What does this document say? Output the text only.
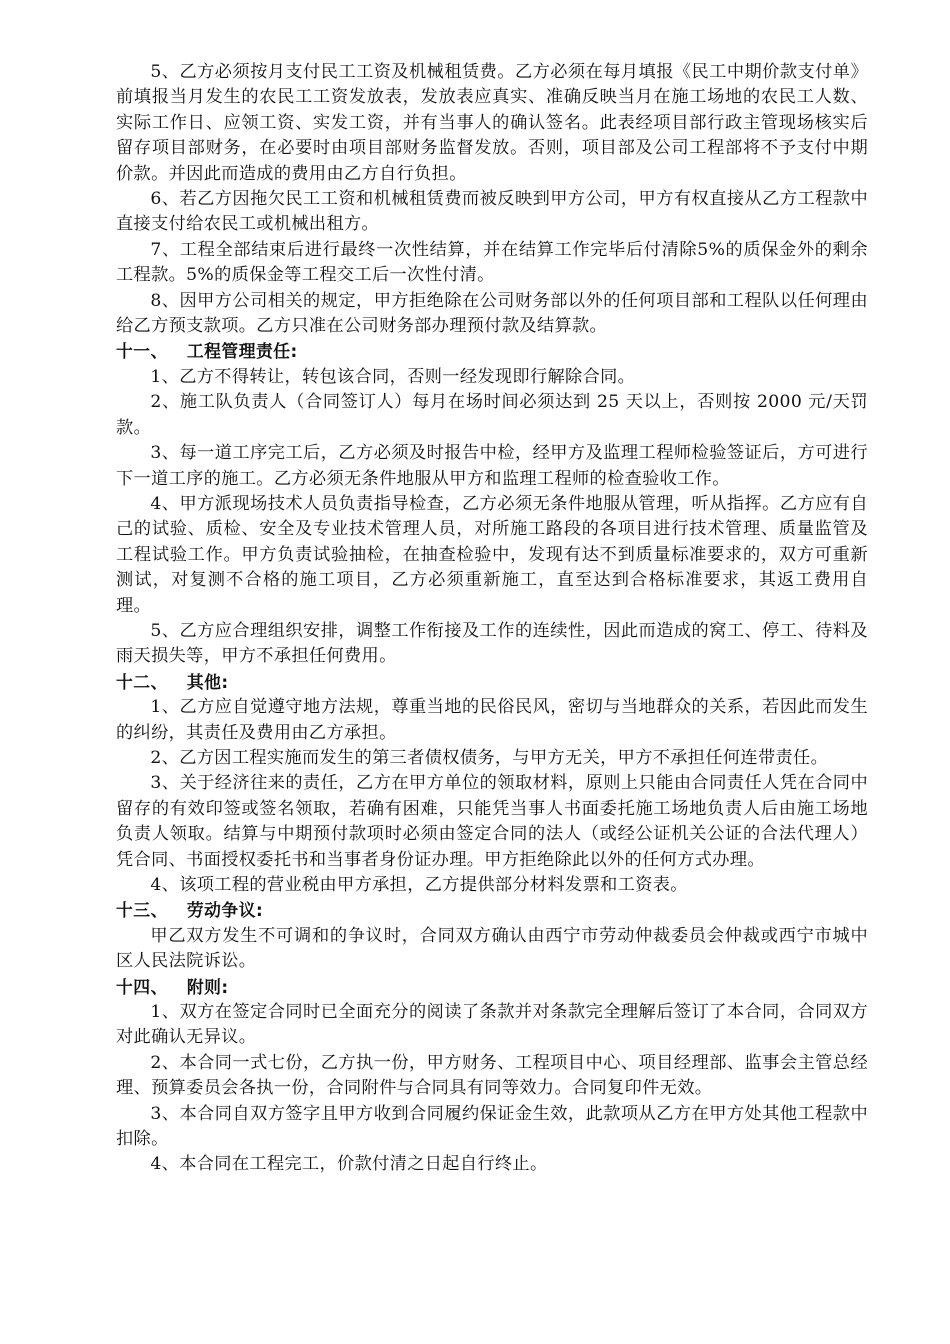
5、乙方必须按月支付民工工资及机械租赁费。乙方必须在每月填报《民工中期价款支付单》前填报当月发生的农民工工资发放表，发放表应真实、准确反映当月在施工场地的农民工人数、实际工作日、应领工资、实发工资，并有当事人的确认签名。此表经项目部行政主管现场核实后留存项目部财务，在必要时由项目部财务监督发放。否则，项目部及公司工程部将不予支付中期价款。并因此而造成的费用由乙方自行负担。

6、若乙方因拖欠民工工资和机械租赁费而被反映到甲方公司，甲方有权直接从乙方工程款中直接支付给农民工或机械出租方。

7、工程全部结束后进行最终一次性结算，并在结算工作完毕后付清除5%的质保金外的剩余工程款。5%的质保金等工程交工后一次性付清。

8、因甲方公司相关的规定，甲方拒绝除在公司财务部以外的任何项目部和工程队以任何理由给乙方预支款项。乙方只准在公司财务部办理预付款及结算款。

十一、   工程管理责任:

1、乙方不得转让，转包该合同，否则一经发现即行解除合同。

2、施工队负责人（合同签订人）每月在场时间必须达到 25 天以上，否则按 2000 元/天罚款。

3、每一道工序完工后，乙方必须及时报告中检，经甲方及监理工程师检验签证后，方可进行下一道工序的施工。乙方必须无条件地服从甲方和监理工程师的检查验收工作。

4、甲方派现场技术人员负责指导检查，乙方必须无条件地服从管理，听从指挥。乙方应有自己的试验、质检、安全及专业技术管理人员，对所施工路段的各项目进行技术管理、质量监管及工程试验工作。甲方负责试验抽检，在抽查检验中，发现有达不到质量标准要求的，双方可重新测试，对复测不合格的施工项目，乙方必须重新施工，直至达到合格标准要求，其返工费用自理。

5、乙方应合理组织安排，调整工作衔接及工作的连续性，因此而造成的窝工、停工、待料及雨天损失等，甲方不承担任何费用。

十二、   其他:

1、乙方应自觉遵守地方法规，尊重当地的民俗民风，密切与当地群众的关系，若因此而发生的纠纷，其责任及费用由乙方承担。

2、乙方因工程实施而发生的第三者债权债务，与甲方无关，甲方不承担任何连带责任。

3、关于经济往来的责任，乙方在甲方单位的领取材料，原则上只能由合同责任人凭在合同中留存的有效印签或签名领取，若确有困难，只能凭当事人书面委托施工场地负责人后由施工场地负责人领取。结算与中期预付款项时必须由签定合同的法人（或经公证机关公证的合法代理人）凭合同、书面授权委托书和当事者身份证办理。甲方拒绝除此以外的任何方式办理。

4、该项工程的营业税由甲方承担，乙方提供部分材料发票和工资表。

十三、   劳动争议:

甲乙双方发生不可调和的争议时，合同双方确认由西宁市劳动仲裁委员会仲裁或西宁市城中区人民法院诉讼。

十四、   附则:

1、双方在签定合同时已全面充分的阅读了条款并对条款完全理解后签订了本合同，合同双方对此确认无异议。

2、本合同一式七份，乙方执一份，甲方财务、工程项目中心、项目经理部、监事会主管总经理、预算委员会各执一份，合同附件与合同具有同等效力。合同复印件无效。

3、本合同自双方签字且甲方收到合同履约保证金生效，此款项从乙方在甲方处其他工程款中扣除。

4、本合同在工程完工，价款付清之日起自行终止。
